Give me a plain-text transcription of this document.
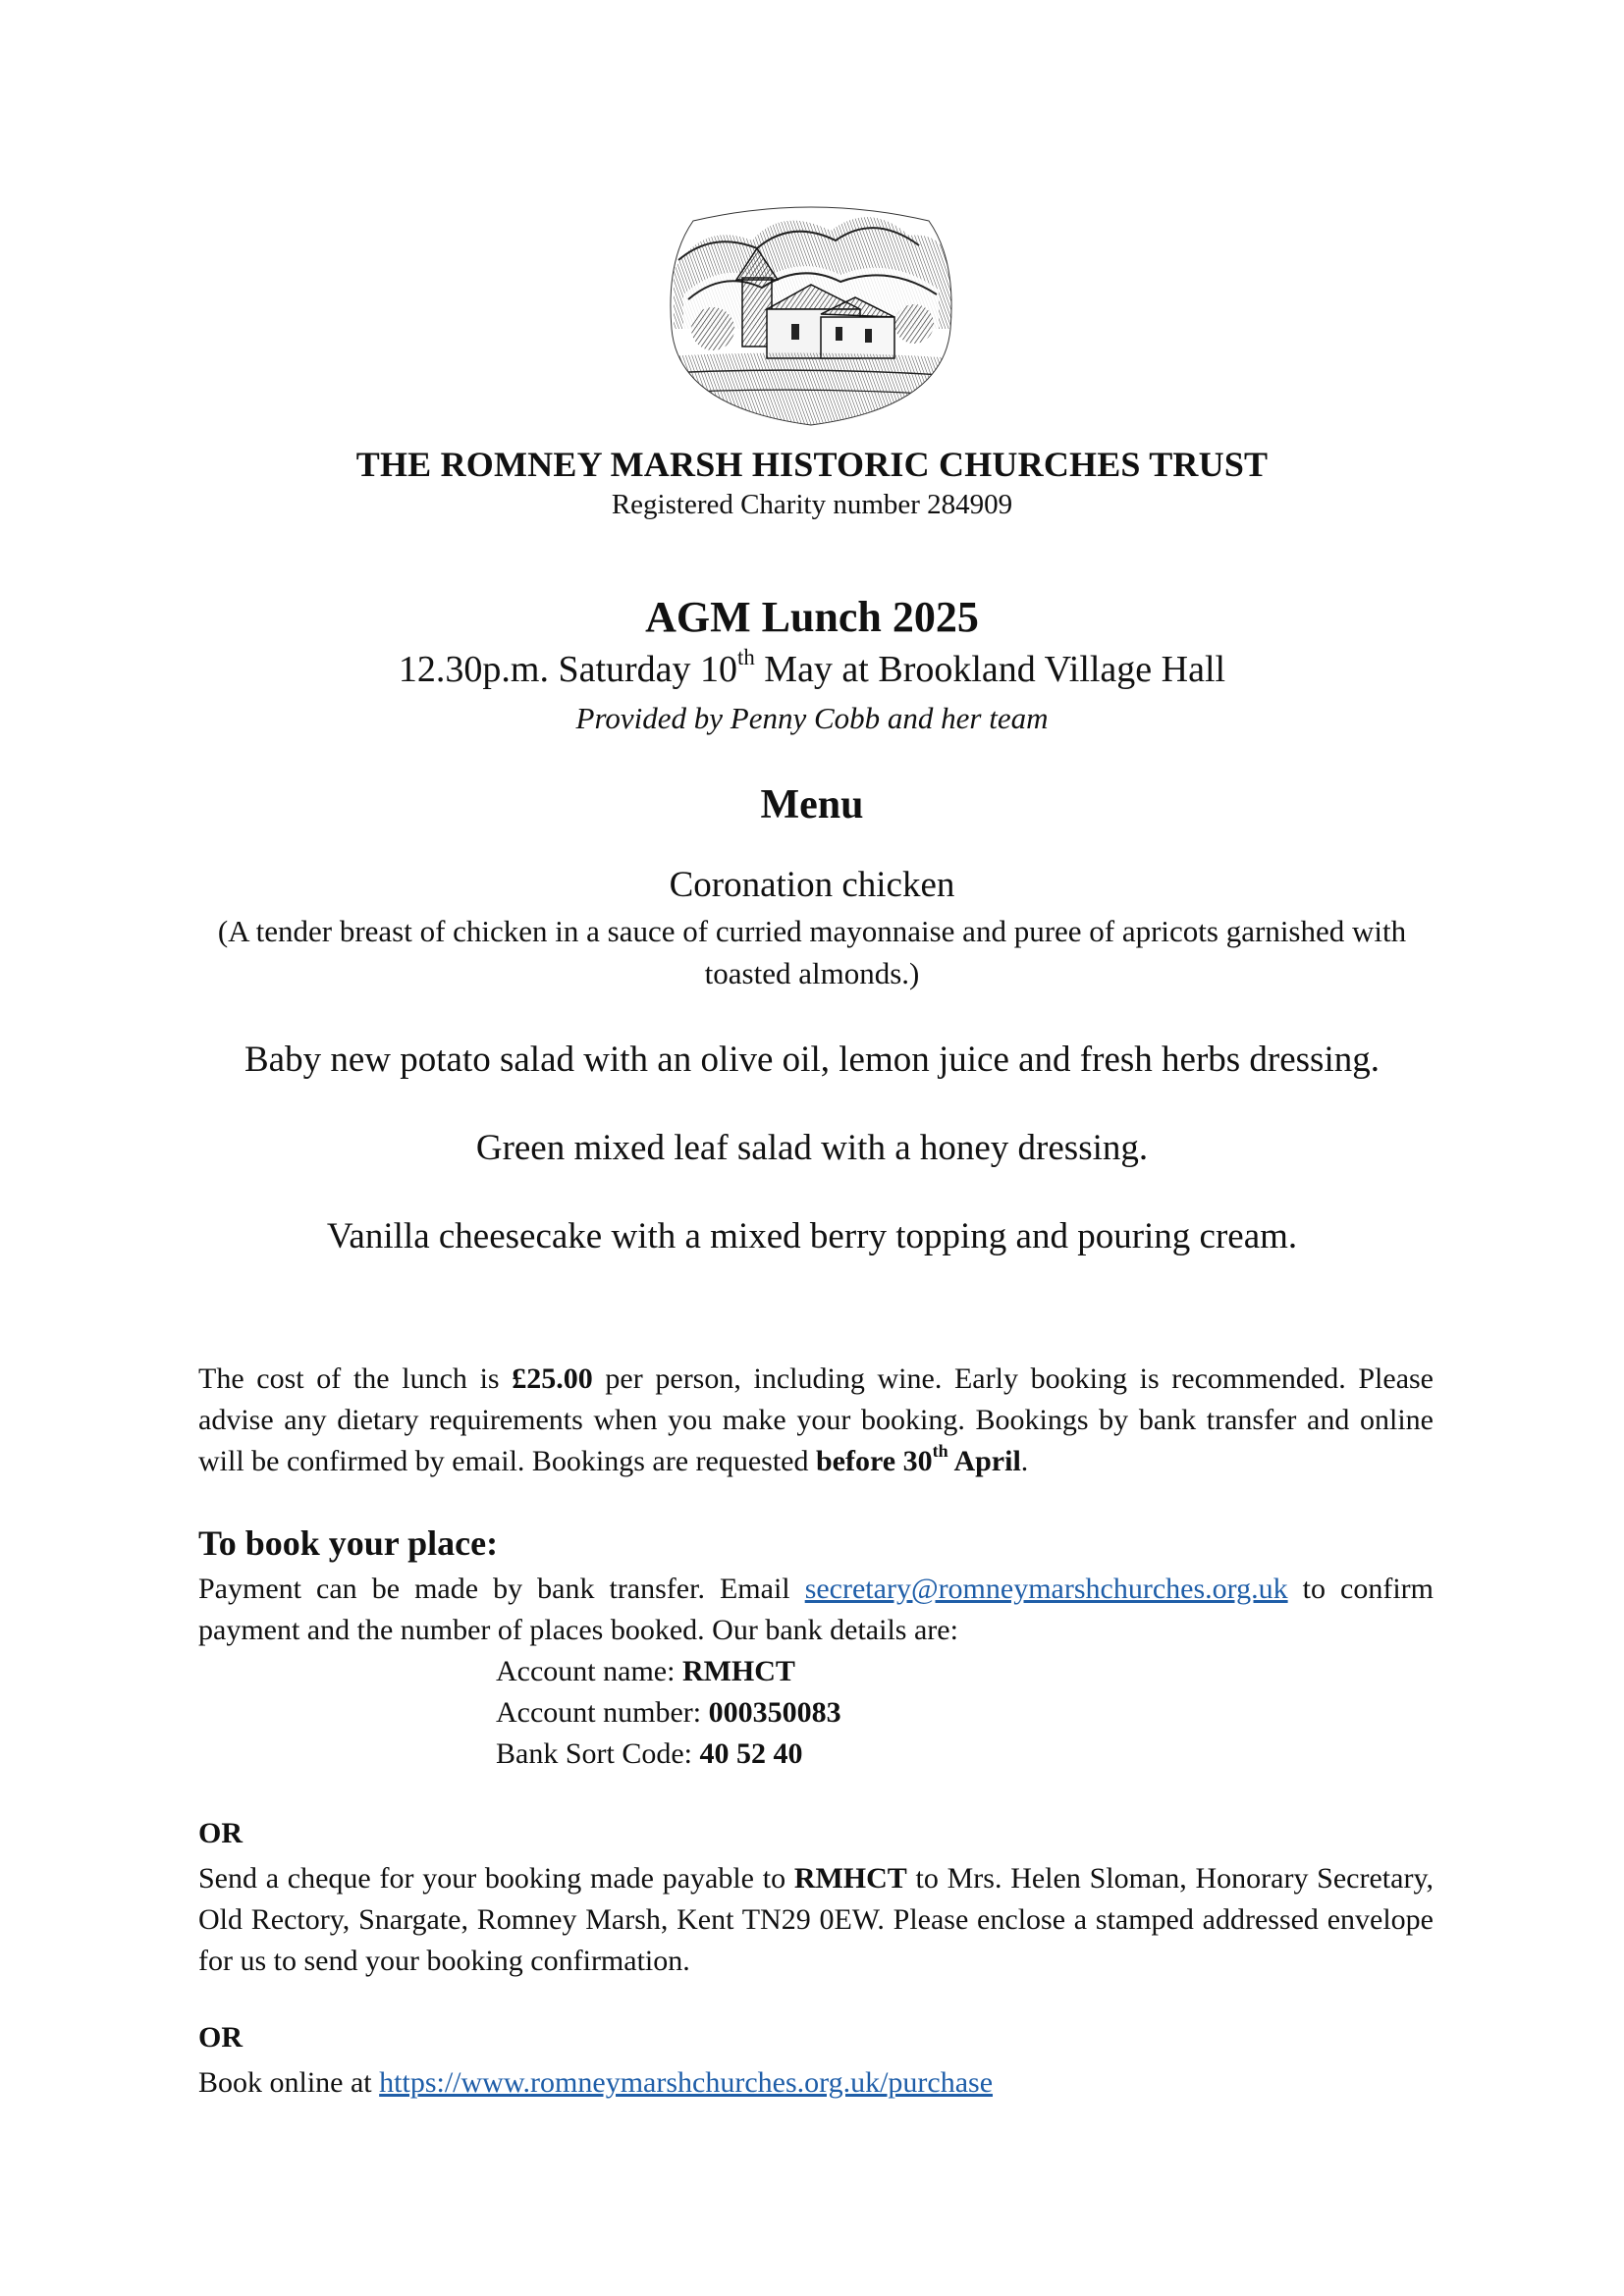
THE ROMNEY MARSH HISTORIC CHURCHES TRUST
Registered Charity number 284909
AGM Lunch 2025
12.30p.m. Saturday 10th May at Brookland Village Hall
Provided by Penny Cobb and her team
Menu
Coronation chicken
(A tender breast of chicken in a sauce of curried mayonnaise and puree of apricots garnished with toasted almonds.)
Baby new potato salad with an olive oil, lemon juice and fresh herbs dressing.
Green mixed leaf salad with a honey dressing.
Vanilla cheesecake with a mixed berry topping and pouring cream.
The cost of the lunch is £25.00 per person, including wine. Early booking is recommended. Please advise any dietary requirements when you make your booking. Bookings by bank transfer and online will be confirmed by email. Bookings are requested before 30th April.
To book your place:
Payment can be made by bank transfer. Email secretary@romneymarshchurches.org.uk to confirm payment and the number of places booked. Our bank details are:
Account name: RMHCT
Account number: 000350083
Bank Sort Code: 40 52 40
OR
Send a cheque for your booking made payable to RMHCT to Mrs. Helen Sloman, Honorary Secretary, Old Rectory, Snargate, Romney Marsh, Kent TN29 0EW. Please enclose a stamped addressed envelope for us to send your booking confirmation.
OR
Book online at https://www.romneymarshchurches.org.uk/purchase
